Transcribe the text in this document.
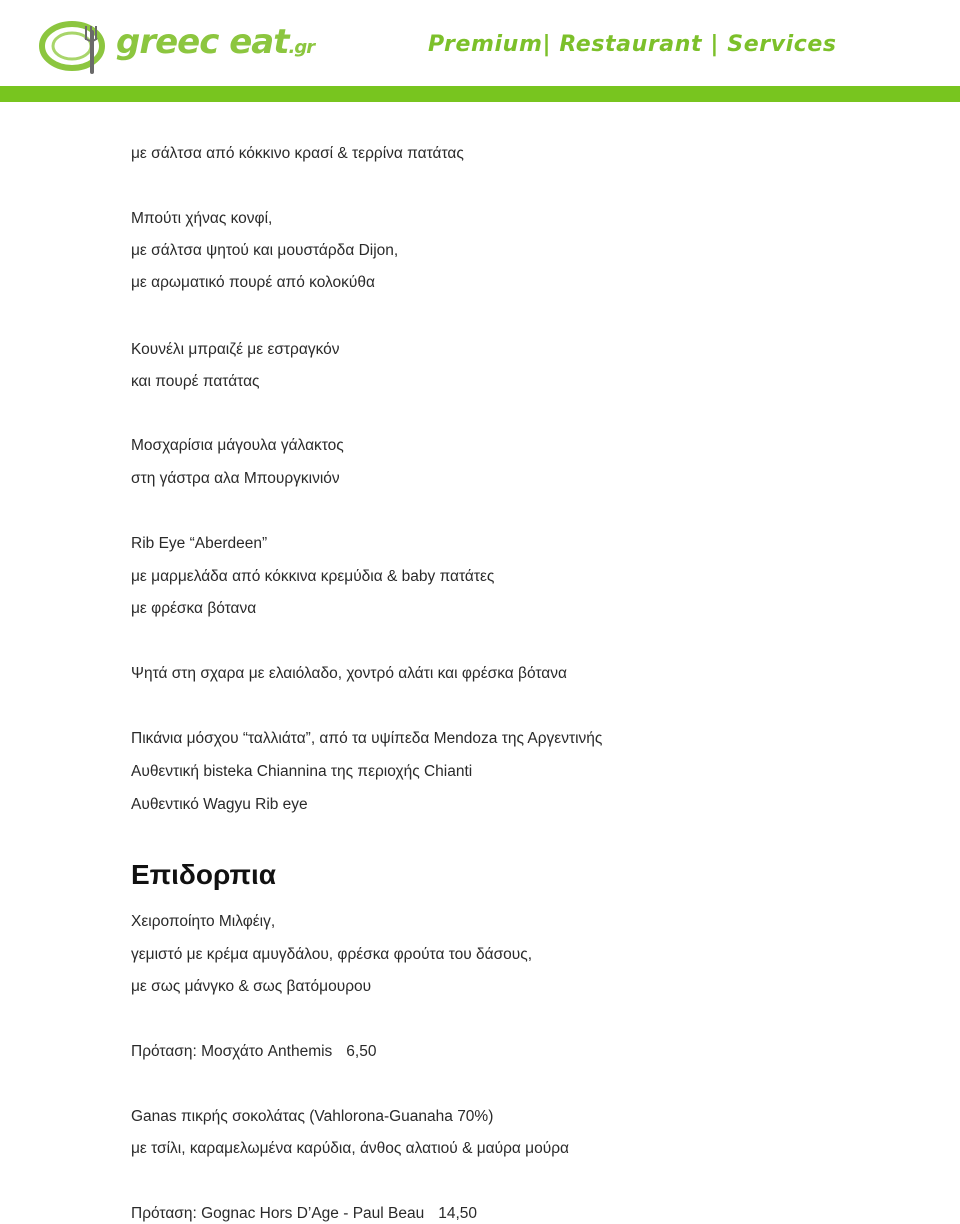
greec eat.gr	Premium| Restaurant | Services
με σάλτσα από κόκκινο κρασί & τερρίνα πατάτας
Μπούτι χήνας κονφί,
με σάλτσα ψητού και μουστάρδα Dijon,
με αρωματικό πουρέ από κολοκύθα
Κουνέλι μπραιζέ με εστραγκόν
και πουρέ πατάτας
Μοσχαρίσια μάγουλα γάλακτος
στη γάστρα αλα Μπουργκινιόν
Rib Eye “Aberdeen”
με μαρμελάδα από κόκκινα κρεμύδια & baby πατάτες
με φρέσκα βότανα
Ψητά στη σχαρα με ελαιόλαδο, χοντρό αλάτι και φρέσκα βότανα
Πικάνια μόσχου “ταλλιάτα”, από τα υψίπεδα Mendoza της Αργεντινής
Αυθεντική bisteka Chiannina της περιοχής Chianti
Αυθεντικό Wagyu Rib eye
Επιδορπια
Χειροποίητο Μιλφέιγ,
γεμιστό με κρέμα αμυγδάλου, φρέσκα φρούτα του δάσους,
με σως μάνγκο & σως βατόμουρου
Πρόταση: Μοσχάτο Anthemis 6,50
Ganas πικρής σοκολάτας (Vahlorona-Guanaha 70%)
με τσίλι, καραμελωμένα καρύδια, άνθος αλατιού & μαύρα μούρα
Πρόταση: Gognac Hors D’Age - Paul Beau 14,50
